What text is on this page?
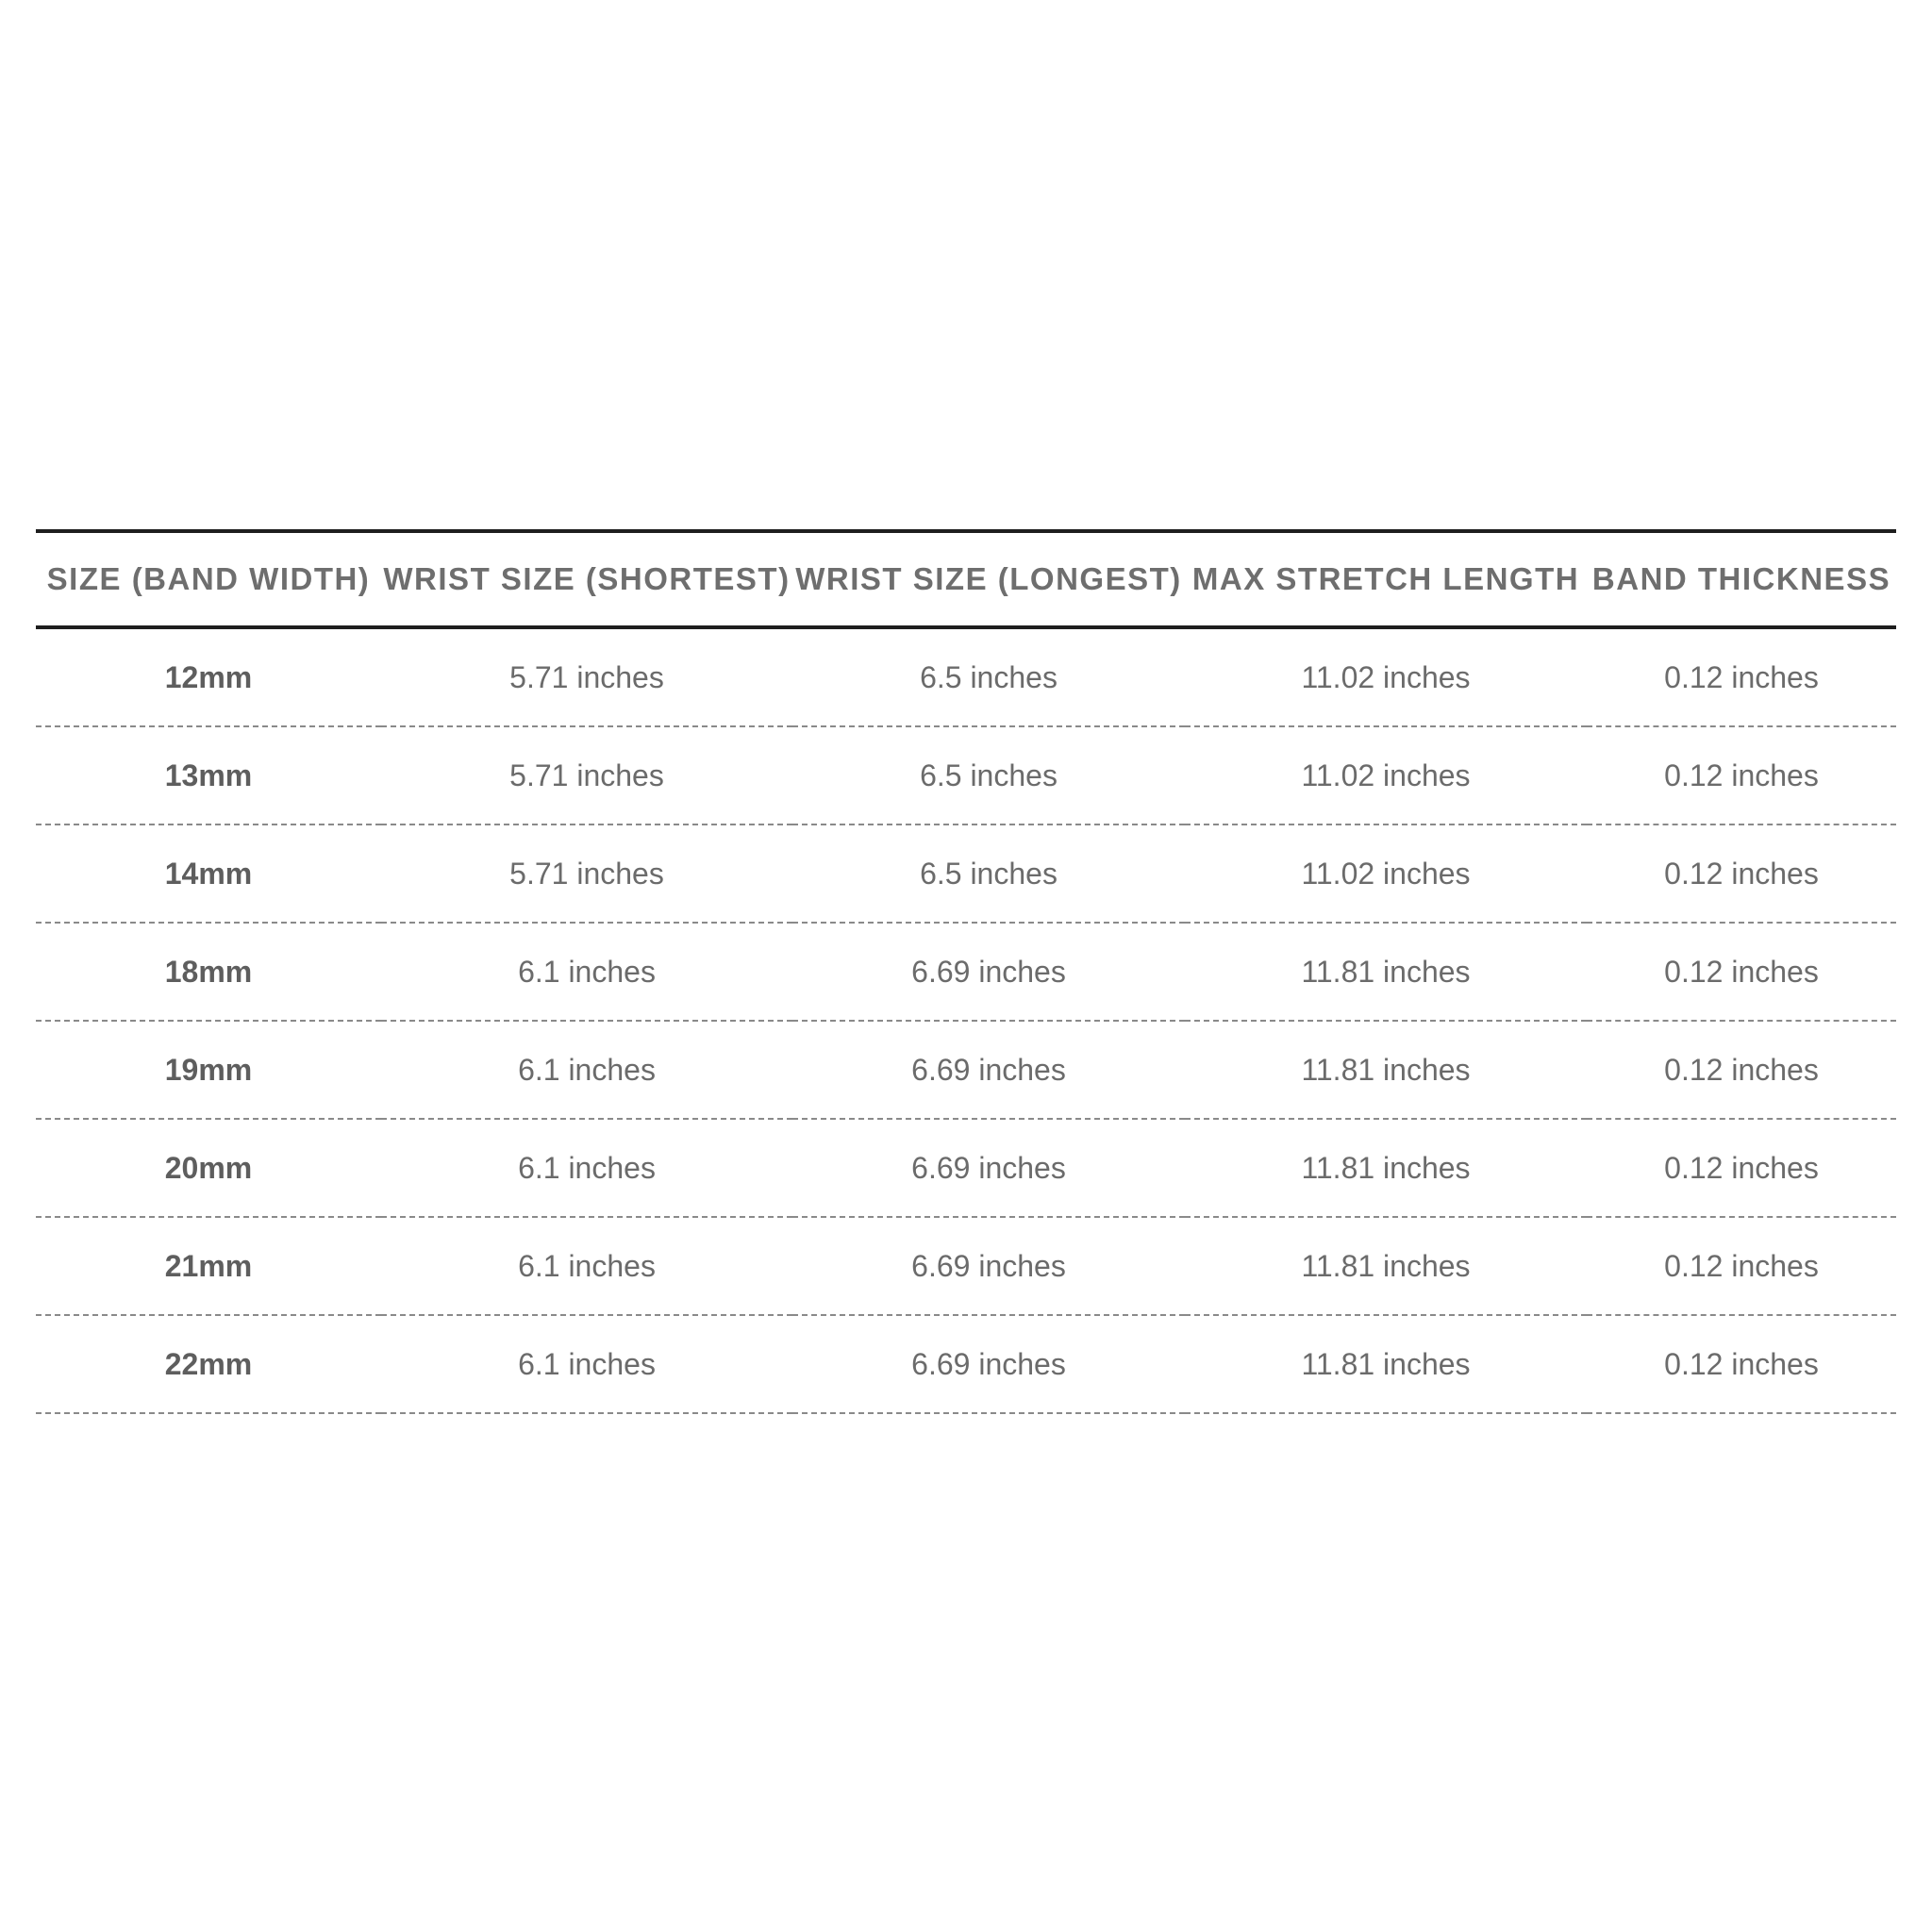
SIZE (BAND WIDTH)	WRIST SIZE (SHORTEST)	WRIST SIZE (LONGEST)	MAX STRETCH LENGTH	BAND THICKNESS
12mm	5.71 inches	6.5 inches	11.02 inches	0.12 inches
13mm	5.71 inches	6.5 inches	11.02 inches	0.12 inches
14mm	5.71 inches	6.5 inches	11.02 inches	0.12 inches
18mm	6.1 inches	6.69 inches	11.81 inches	0.12 inches
19mm	6.1 inches	6.69 inches	11.81 inches	0.12 inches
20mm	6.1 inches	6.69 inches	11.81 inches	0.12 inches
21mm	6.1 inches	6.69 inches	11.81 inches	0.12 inches
22mm	6.1 inches	6.69 inches	11.81 inches	0.12 inches
